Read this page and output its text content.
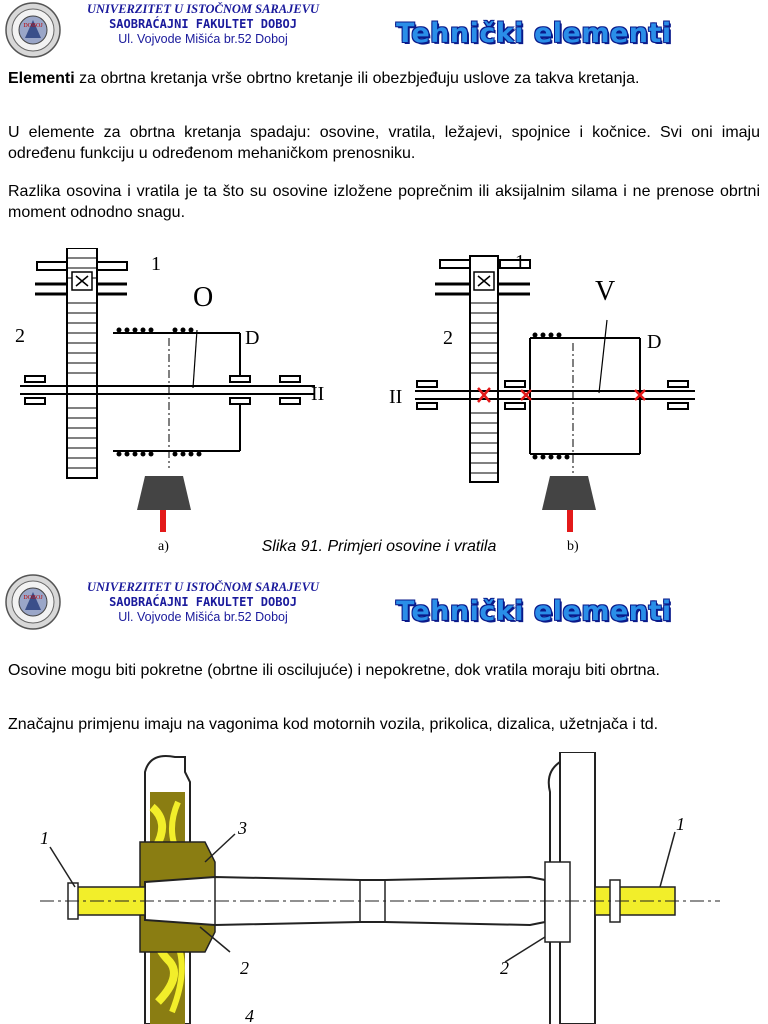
DOBOJ
UNIVERZITET U ISTOČNOM SARAJEVU
SAOBRAĆAJNI FAKULTET DOBOJ
Ul. Vojvode Mišića br.52 Doboj	Tehnički elementi
Elementi za obrtna kretanja vrše obrtno kretanje ili obezbjeđuju uslove za takva kretanja.
U elemente za obrtna kretanja spadaju: osovine, vratila, ležajevi, spojnice i kočnice. Svi oni imaju određenu funkciju u određenom mehaničkom prenosniku.
Razlika osovina i vratila je ta što su osovine izložene poprečnim ili aksijalnim silama i ne prenose obrtni moment odnodno snagu.
1
2
O
D
II
a)
1
2
V
D
II
b)
Slika 91. Primjeri osovine i vratila
DOBOJ
UNIVERZITET U ISTOČNOM SARAJEVU
SAOBRAĆAJNI FAKULTET DOBOJ
Ul. Vojvode Mišića br.52 Doboj	Tehnički elementi
Osovine mogu biti pokretne (obrtne ili oscilujuće) i nepokretne, dok vratila moraju biti obrtna.
Značajnu primjenu imaju na vagonima kod motornih vozila, prikolica, dizalica, užetnjača i td.
1	3
2	2
1
4
